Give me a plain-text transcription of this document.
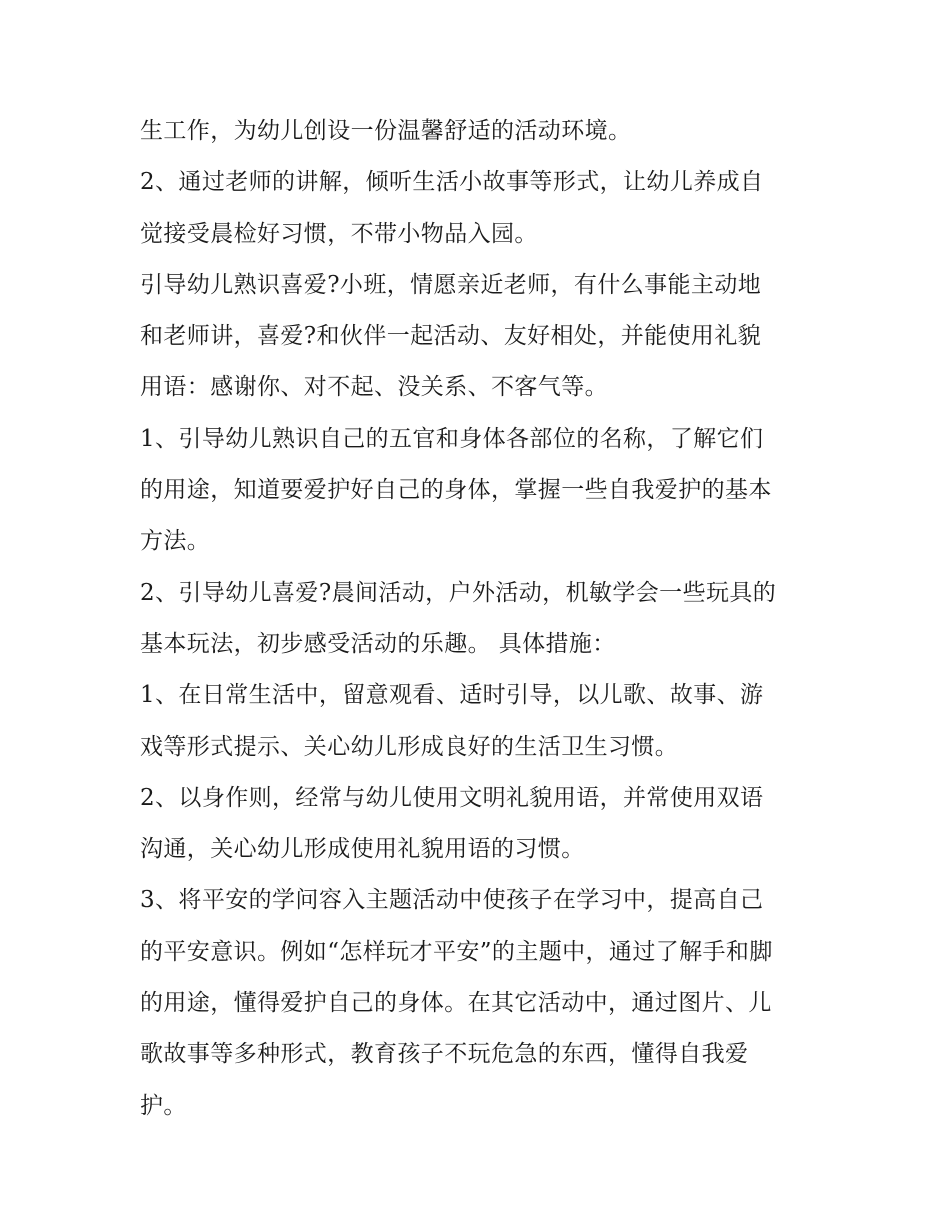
生工作，为幼儿创设一份温馨舒适的活动环境。
2、通过老师的讲解，倾听生活小故事等形式，让幼儿养成自
觉接受晨检好习惯，不带小物品入园。
引导幼儿熟识喜爱?小班，情愿亲近老师，有什么事能主动地
和老师讲，喜爱?和伙伴一起活动、友好相处，并能使用礼貌
用语：感谢你、对不起、没关系、不客气等。
1、引导幼儿熟识自己的五官和身体各部位的名称，了解它们
的用途，知道要爱护好自己的身体，掌握一些自我爱护的基本
方法。
2、引导幼儿喜爱?晨间活动，户外活动，机敏学会一些玩具的
基本玩法，初步感受活动的乐趣。 具体措施：
1、在日常生活中，留意观看、适时引导，以儿歌、故事、游
戏等形式提示、关心幼儿形成良好的生活卫生习惯。
2、以身作则，经常与幼儿使用文明礼貌用语，并常使用双语
沟通，关心幼儿形成使用礼貌用语的习惯。
3、将平安的学问容入主题活动中使孩子在学习中，提高自己
的平安意识。例如“怎样玩才平安”的主题中，通过了解手和脚
的用途，懂得爱护自己的身体。在其它活动中，通过图片、儿
歌故事等多种形式，教育孩子不玩危急的东西，懂得自我爱
护。
